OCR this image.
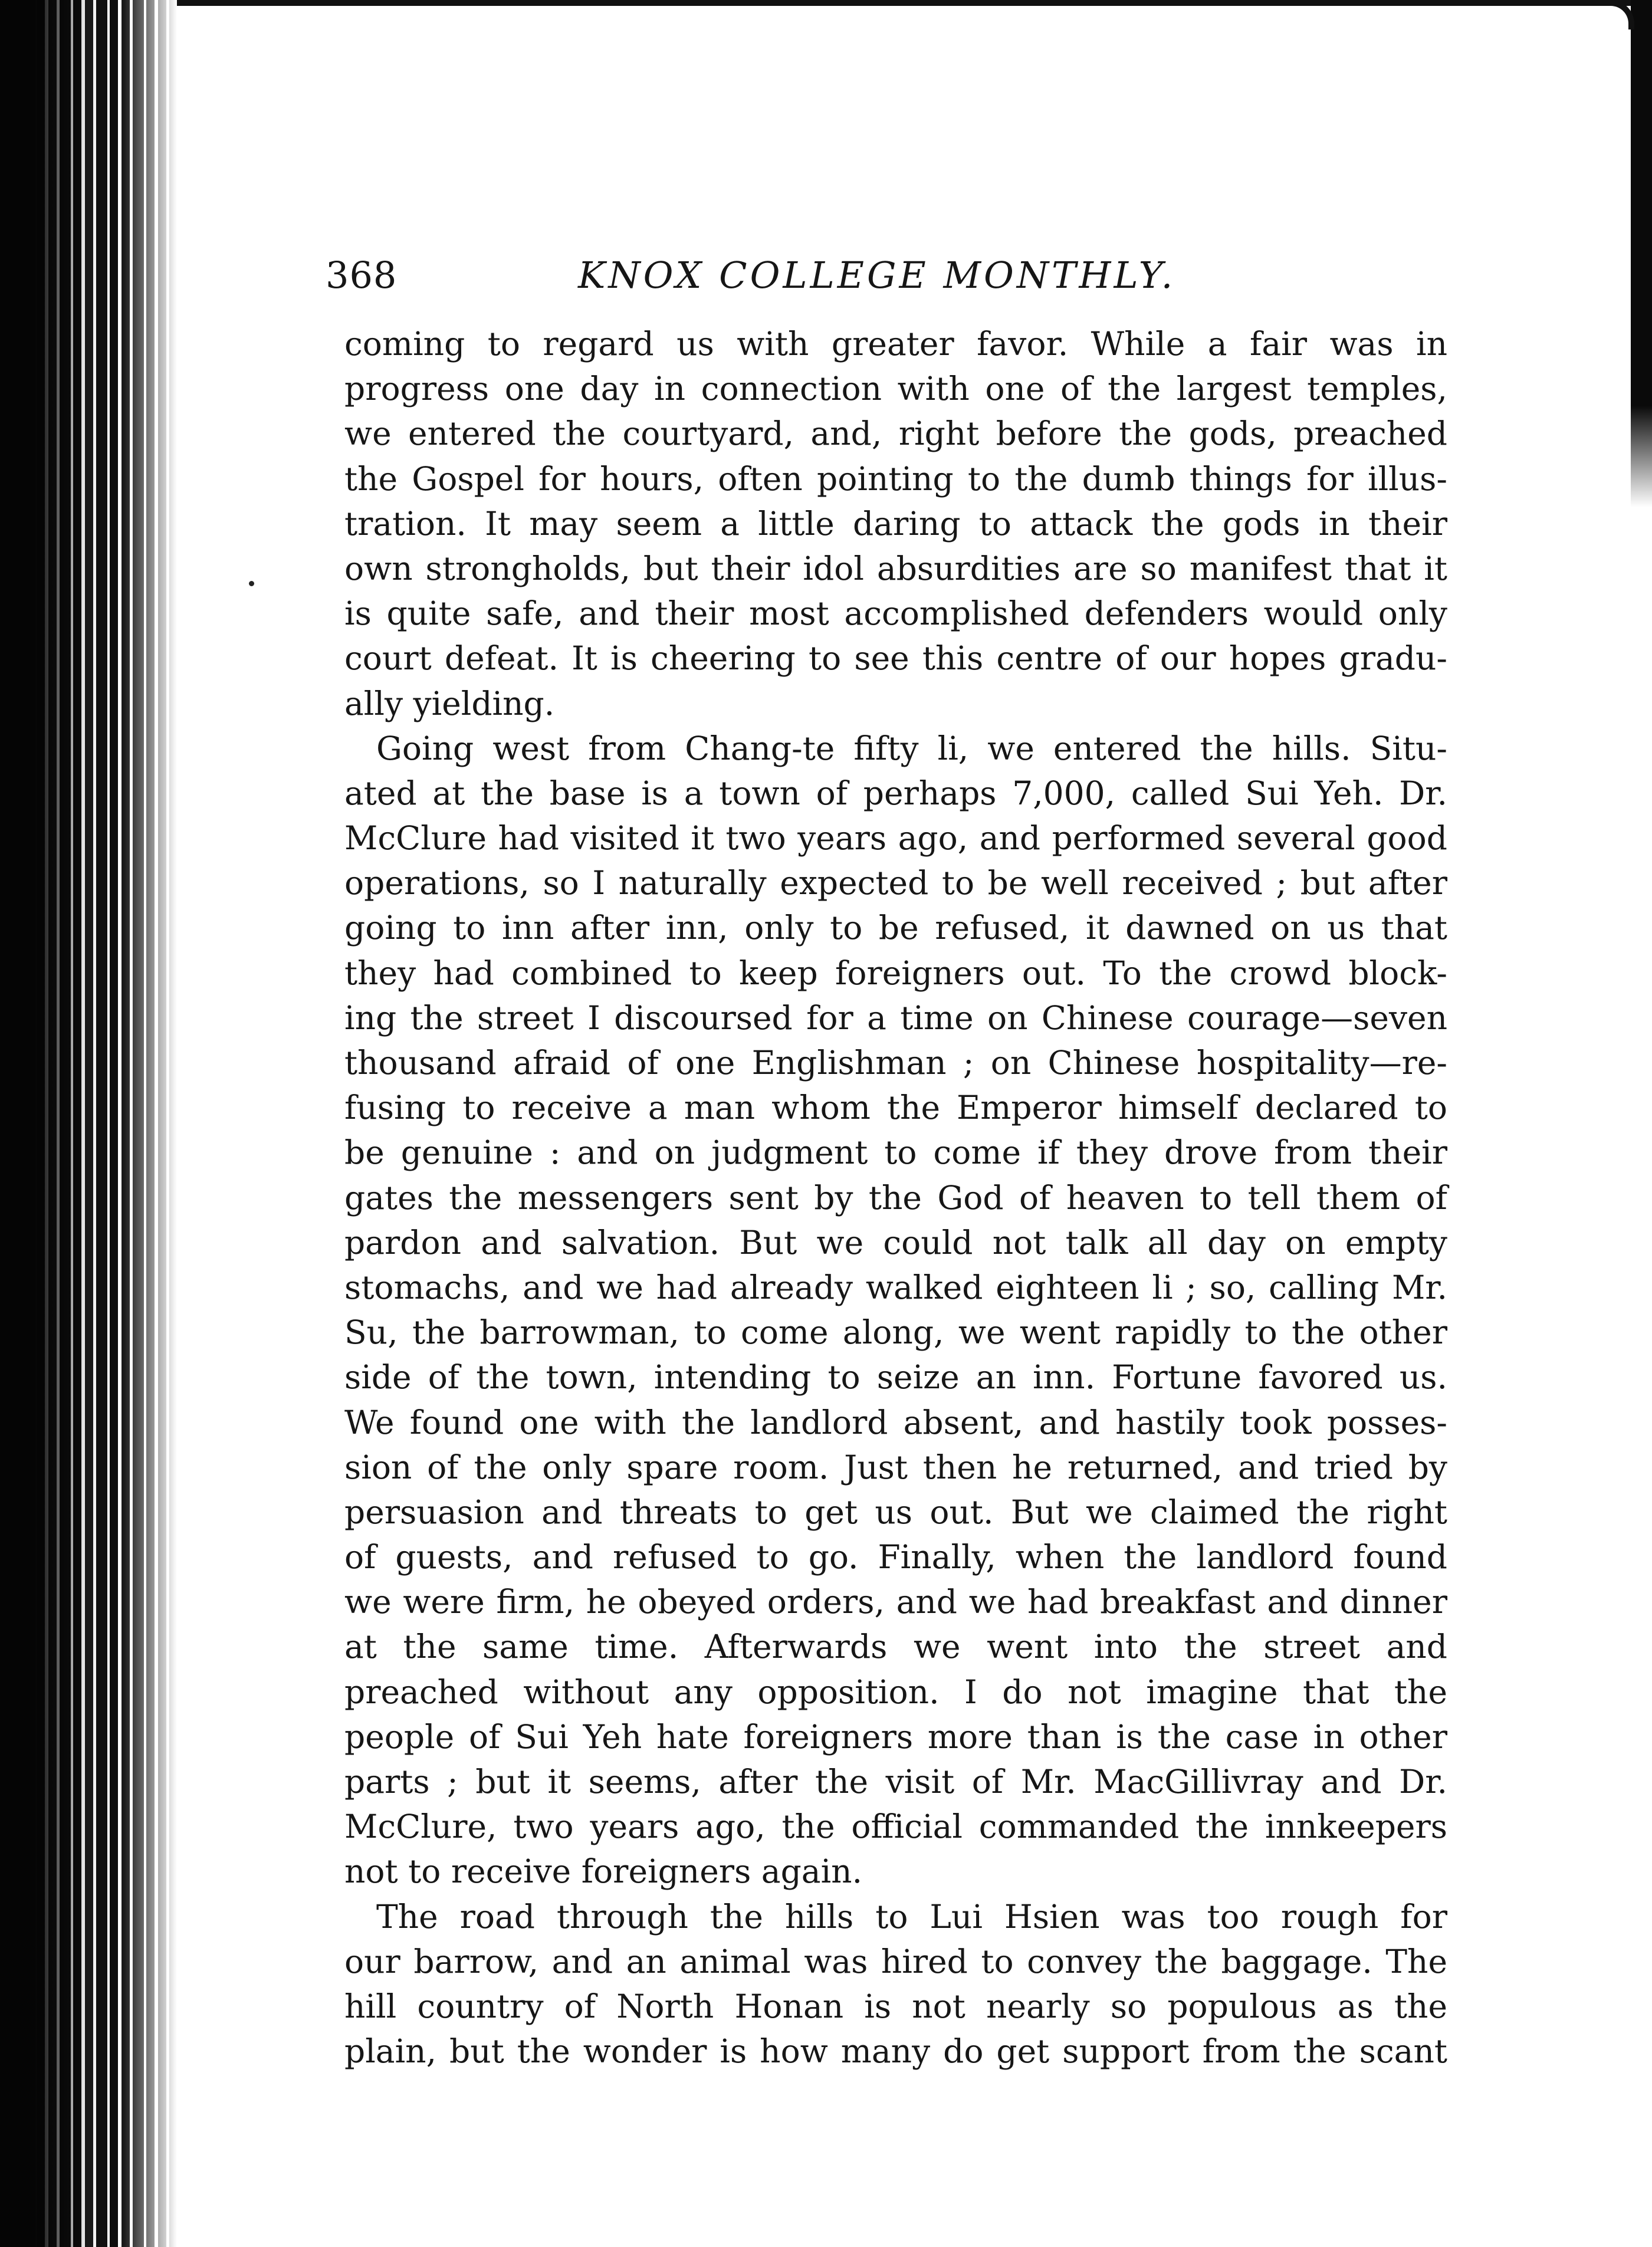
368	KNOX COLLEGE MONTHLY.
coming to regard us with greater favor. While a fair was in
progress one day in connection with one of the largest temples,
we entered the courtyard, and, right before the gods, preached
the Gospel for hours, often pointing to the dumb things for illus-
tration. It may seem a little daring to attack the gods in their
own strongholds, but their idol absurdities are so manifest that it
is quite safe, and their most accomplished defenders would only
court defeat. It is cheering to see this centre of our hopes gradu-
ally yielding.
Going west from Chang-te fifty li, we entered the hills. Situ-
ated at the base is a town of perhaps 7,000, called Sui Yeh. Dr.
McClure had visited it two years ago, and performed several good
operations, so I naturally expected to be well received ; but after
going to inn after inn, only to be refused, it dawned on us that
they had combined to keep foreigners out. To the crowd block-
ing the street I discoursed for a time on Chinese courage—seven
thousand afraid of one Englishman ; on Chinese hospitality—re-
fusing to receive a man whom the Emperor himself declared to
be genuine : and on judgment to come if they drove from their
gates the messengers sent by the God of heaven to tell them of
pardon and salvation. But we could not talk all day on empty
stomachs, and we had already walked eighteen li ; so, calling Mr.
Su, the barrowman, to come along, we went rapidly to the other
side of the town, intending to seize an inn. Fortune favored us.
We found one with the landlord absent, and hastily took posses-
sion of the only spare room. Just then he returned, and tried by
persuasion and threats to get us out. But we claimed the right
of guests, and refused to go. Finally, when the landlord found
we were firm, he obeyed orders, and we had breakfast and dinner
at the same time. Afterwards we went into the street and
preached without any opposition. I do not imagine that the
people of Sui Yeh hate foreigners more than is the case in other
parts ; but it seems, after the visit of Mr. MacGillivray and Dr.
McClure, two years ago, the official commanded the innkeepers
not to receive foreigners again.
The road through the hills to Lui Hsien was too rough for
our barrow, and an animal was hired to convey the baggage. The
hill country of North Honan is not nearly so populous as the
plain, but the wonder is how many do get support from the scant
